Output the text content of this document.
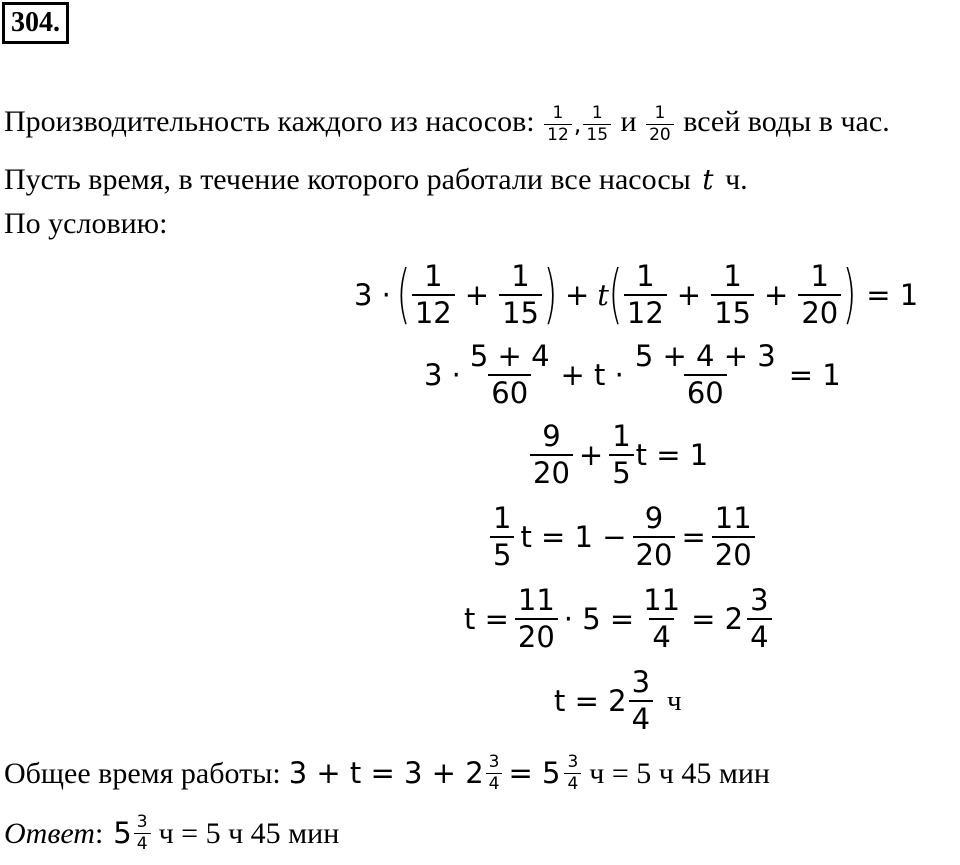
304.
Производительность каждого из насосов: $\frac{1}{12}$ , $\frac{1}{15}$ и $\frac{1}{20}$ всей воды в час.
Пусть время, в течение которого работали все насосы t ч.
По условию:
3 · ( $\frac{1}{12} + \frac{1}{15}$ ) + t ( $\frac{1}{12} + \frac{1}{15} + \frac{1}{20}$ ) = 1
$3 \cdot \frac{5 + 4}{60} + t \cdot \frac{5 + 4 + 3}{60} = 1$
$\frac{9}{20} + \frac{1}{5}$ t = 1
$\frac{1}{5}$ $t = 1 - \frac{9}{20} = \frac{11}{20}$
$t = \frac{11}{20} \cdot 5 = \frac{11}{4} = 2 \frac{3}{4}$
$t = 2 \frac{3}{4}$ ч
Общее время работы: $3 + t = 3 + 2 \frac{3}{4} = 5 \frac{3}{4}$ ч = 5 ч 45 мин
Ответ : $5 \frac{3}{4}$ ч = 5 ч 45 мин
